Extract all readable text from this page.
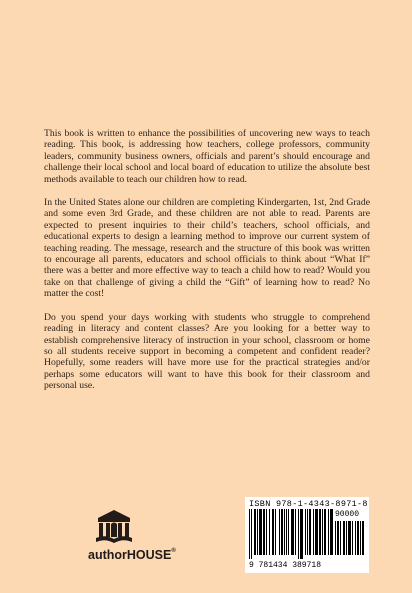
This book is written to enhance the possibilities of uncovering new ways to teach reading. This book, is addressing how teachers, college professors, community leaders, community business owners, officials and parent’s should encourage and challenge their local school and local board of education to utilize the absolute best methods available to teach our children how to read.

In the United States alone our children are completing Kindergarten, 1st, 2nd Grade and some even 3rd Grade, and these children are not able to read. Parents are expected to present inquiries to their child’s teachers, school officials, and educational experts to design a learning method to improve our current system of teaching reading. The message, research and the structure of this book was written to encourage all parents, educators and school officials to think about “What If” there was a better and more effective way to teach a child how to read? Would you take on that challenge of giving a child the “Gift” of learning how to read? No matter the cost!

Do you spend your days working with students who struggle to comprehend reading in literacy and content classes? Are you looking for a better way to establish comprehensive literacy of instruction in your school, classroom or home so all students receive support in becoming a competent and confident reader? Hopefully, some readers will have more use for the practical strategies and/or perhaps some educators will want to have this book for their classroom and personal use.

authorHOUSE®
ISBN 978-1-4343-8971-8
90000
9 781434 389718
